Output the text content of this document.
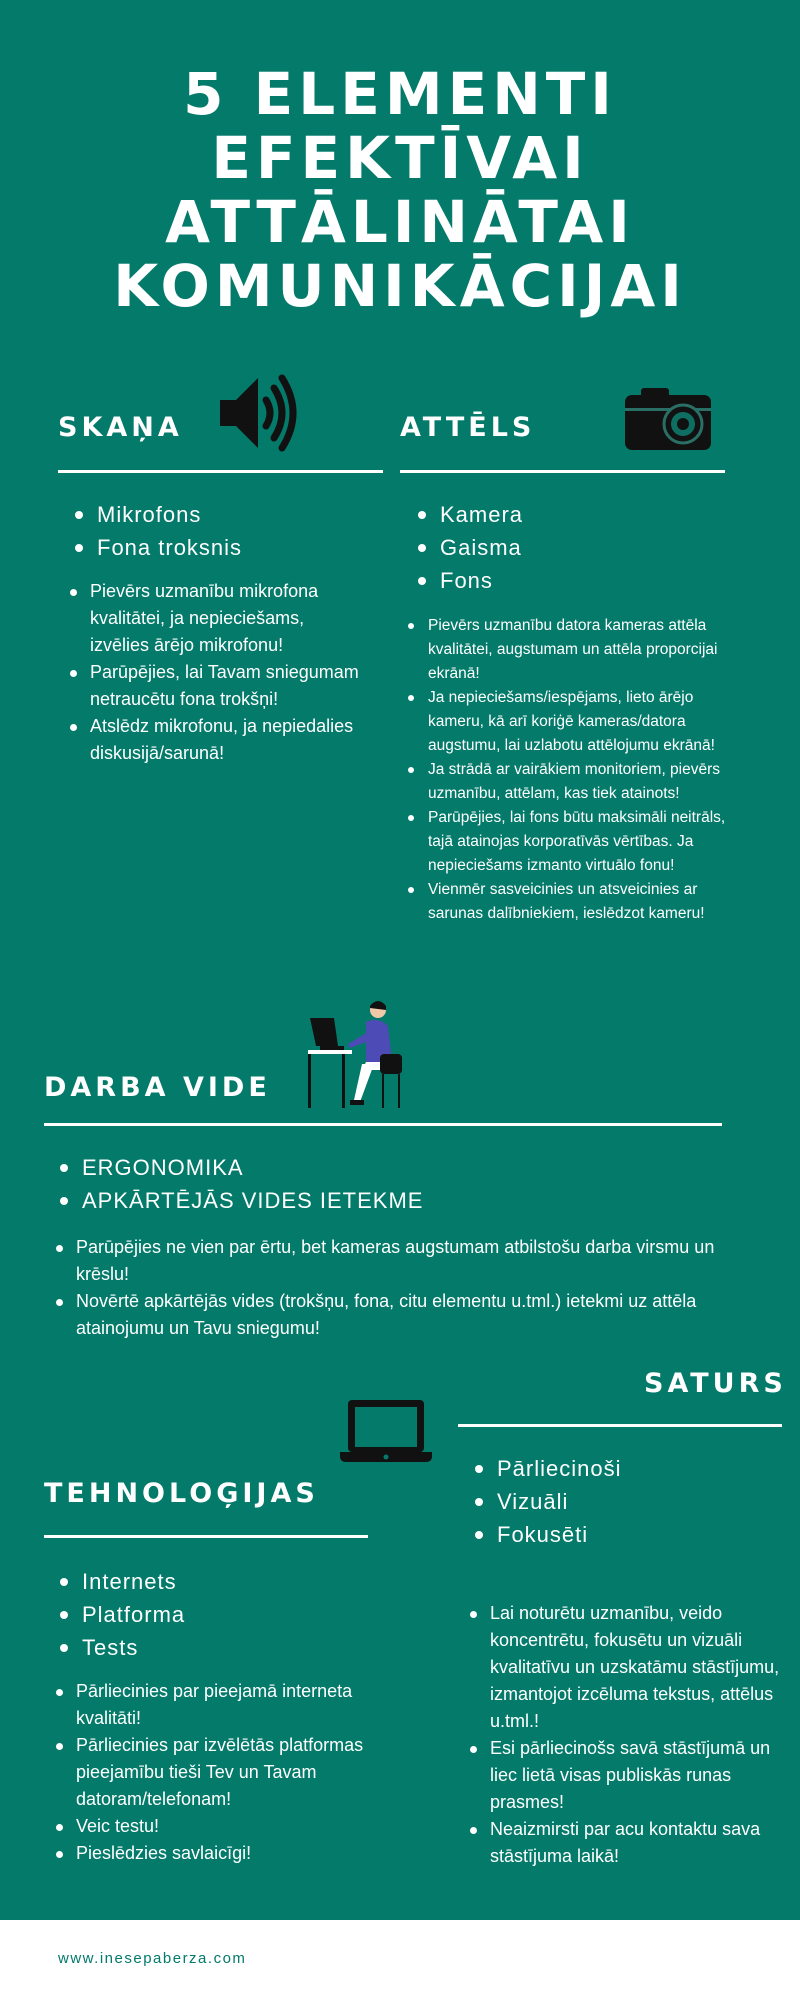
5 ELEMENTI
EFEKTĪVAI
ATTĀLINĀTAI
KOMUNIKĀCIJAI
SKAŅA
Mikrofons
Fona troksnis
Pievērs uzmanību mikrofona kvalitātei, ja nepieciešams, izvēlies ārējo mikrofonu!
Parūpējies, lai Tavam sniegumam netraucētu fona trokšņi!
Atslēdz mikrofonu, ja nepiedalies diskusijā/sarunā!
ATTĒLS
Kamera
Gaisma
Fons
Pievērs uzmanību datora kameras attēla kvalitātei, augstumam un attēla proporcijai ekrānā!
Ja nepieciešams/iespējams, lieto ārējo kameru, kā arī koriģē kameras/datora augstumu, lai uzlabotu attēlojumu ekrānā!
Ja strādā ar vairākiem monitoriem, pievērs uzmanību, attēlam, kas tiek atainots!
Parūpējies, lai fons būtu maksimāli neitrāls, tajā atainojas korporatīvās vērtības. Ja nepieciešams izmanto virtuālo fonu!
Vienmēr sasveicinies un atsveicinies ar sarunas dalībniekiem, ieslēdzot kameru!
DARBA VIDE
ERGONOMIKA
APKĀRTĒJĀS VIDES IETEKME
Parūpējies ne vien par ērtu, bet kameras augstumam atbilstošu darba virsmu un krēslu!
Novērtē apkārtējās vides (trokšņu, fona, citu elementu u.tml.) ietekmi uz attēla atainojumu un Tavu sniegumu!
SATURS
Pārliecinoši
Vizuāli
Fokusēti
Lai noturētu uzmanību, veido koncentrētu, fokusētu un vizuāli kvalitatīvu un uzskatāmu stāstījumu, izmantojot izcēluma tekstus, attēlus u.tml.!
Esi pārliecinošs savā stāstījumā un liec lietā visas publiskās runas prasmes!
Neaizmirsti par acu kontaktu sava stāstījuma laikā!
TEHNOLOĢIJAS
Internets
Platforma
Tests
Pārliecinies par pieejamā interneta kvalitāti!
Pārliecinies par izvēlētās platformas pieejamību tieši Tev un Tavam datoram/telefonam!
Veic testu!
Pieslēdzies savlaicīgi!
www.inesepaberza.com
